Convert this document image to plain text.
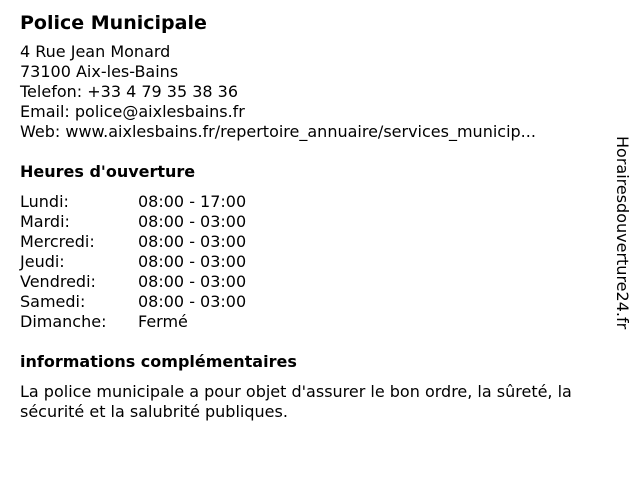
Police Municipale
4 Rue Jean Monard
73100 Aix-les-Bains
Telefon: +33 4 79 35 38 36
Email: police@aixlesbains.fr
Web: www.aixlesbains.fr/repertoire_annuaire/services_municip...
Heures d'ouverture
Lundi:	08:00 - 17:00
Mardi:	08:00 - 03:00
Mercredi:	08:00 - 03:00
Jeudi:	08:00 - 03:00
Vendredi:	08:00 - 03:00
Samedi:	08:00 - 03:00
Dimanche:	Fermé
informations complémentaires
La police municipale a pour objet d'assurer le bon ordre, la sûreté, la sécurité et la salubrité publiques.
Horairesdouverture24.fr
